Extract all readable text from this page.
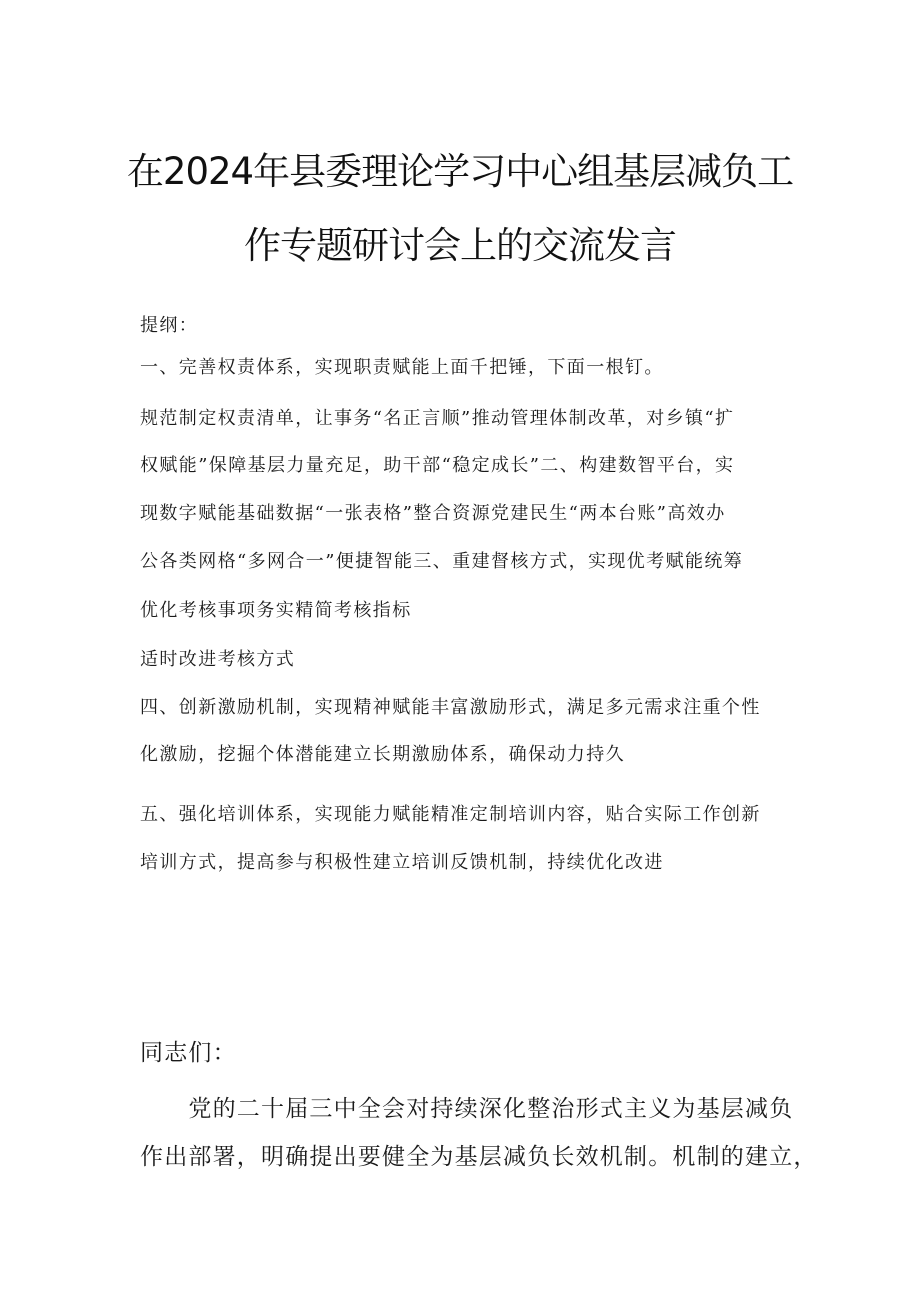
在2024年县委理论学习中心组基层减负工
作专题研讨会上的交流发言
提纲：
一、完善权责体系，实现职责赋能上面千把锤，下面一根钉。
规范制定权责清单，让事务“名正言顺”推动管理体制改革，对乡镇“扩
权赋能”保障基层力量充足，助干部“稳定成长”二、构建数智平台，实
现数字赋能基础数据“一张表格”整合资源党建民生“两本台账”高效办
公各类网格“多网合一”便捷智能三、重建督核方式，实现优考赋能统筹
优化考核事项务实精简考核指标
适时改进考核方式
四、创新激励机制，实现精神赋能丰富激励形式，满足多元需求注重个性
化激励，挖掘个体潜能建立长期激励体系，确保动力持久
五、强化培训体系，实现能力赋能精准定制培训内容，贴合实际工作创新
培训方式，提高参与积极性建立培训反馈机制，持续优化改进
同志们：
　　党的二十届三中全会对持续深化整治形式主义为基层减负
作出部署，明确提出要健全为基层减负长效机制。机制的建立，
